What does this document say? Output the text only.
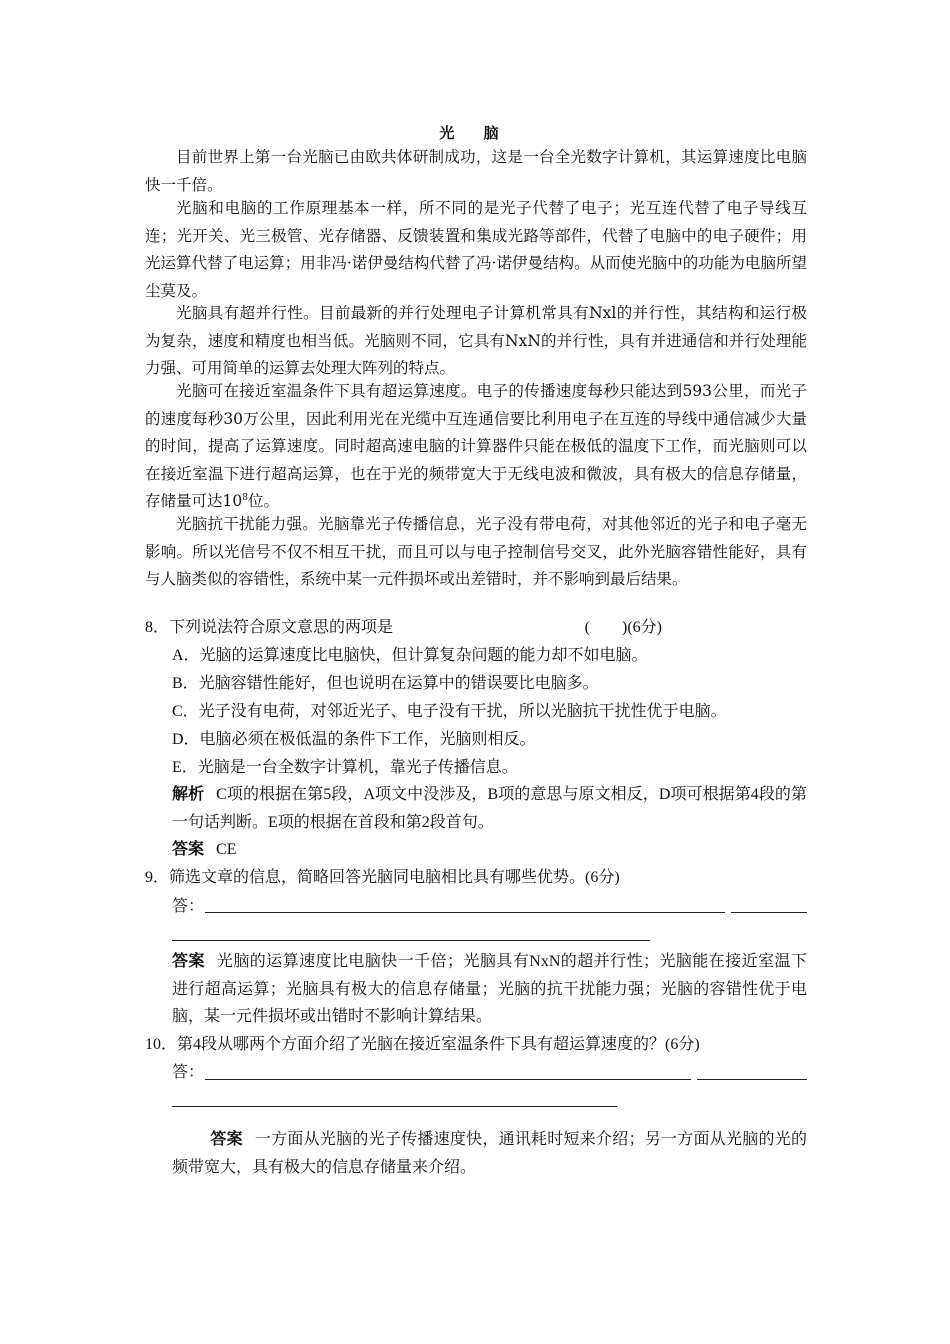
光 脑

目前世界上第一台光脑已由欧共体研制成功，这是一台全光数字计算机，其运算速度比电脑快一千倍。

光脑和电脑的工作原理基本一样，所不同的是光子代替了电子；光互连代替了电子导线互连；光开关、光三极管、光存储器、反馈装置和集成光路等部件，代替了电脑中的电子硬件；用光运算代替了电运算；用非冯·诺伊曼结构代替了冯·诺伊曼结构。从而使光脑中的功能为电脑所望尘莫及。

光脑具有超并行性。目前最新的并行处理电子计算机常具有Nxl的并行性，其结构和运行极为复杂，速度和精度也相当低。光脑则不同，它具有NxN的并行性，具有并进通信和并行处理能力强、可用简单的运算去处理大阵列的特点。

光脑可在接近室温条件下具有超运算速度。电子的传播速度每秒只能达到593公里，而光子的速度每秒30万公里，因此利用光在光缆中互连通信要比利用电子在互连的导线中通信减少大量的时间，提高了运算速度。同时超高速电脑的计算器件只能在极低的温度下工作，而光脑则可以在接近室温下进行超高运算，也在于光的频带宽大于无线电波和微波，具有极大的信息存储量，存储量可达$10^8$位。

光脑抗干扰能力强。光脑靠光子传播信息，光子没有带电荷，对其他邻近的光子和电子毫无影响。所以光信号不仅不相互干扰，而且可以与电子控制信号交叉，此外光脑容错性能好，具有与人脑类似的容错性，系统中某一元件损坏或出差错时，并不影响到最后结果。

8．下列说法符合原文意思的两项是	(　　)(6分)

A．光脑的运算速度比电脑快，但计算复杂问题的能力却不如电脑。

B．光脑容错性能好，但也说明在运算中的错误要比电脑多。

C．光子没有电荷，对邻近光子、电子没有干扰，所以光脑抗干扰性优于电脑。

D．电脑必须在极低温的条件下工作，光脑则相反。

E．光脑是一台全数字计算机，靠光子传播信息。

解析 C项的根据在第5段，A项文中没涉及，B项的意思与原文相反，D项可根据第4段的第一句话判断。E项的根据在首段和第2段首句。

答案 CE

9．筛选文章的信息，简略回答光脑同电脑相比具有哪些优势。(6分)

答：

答案 光脑的运算速度比电脑快一千倍；光脑具有NxN的超并行性；光脑能在接近室温下进行超高运算；光脑具有极大的信息存储量；光脑的抗干扰能力强；光脑的容错性优于电脑，某一元件损坏或出错时不影响计算结果。

10．第4段从哪两个方面介绍了光脑在接近室温条件下具有超运算速度的？(6分)

答：

答案 一方面从光脑的光子传播速度快，通讯耗时短来介绍；另一方面从光脑的光的频带宽大，具有极大的信息存储量来介绍。
